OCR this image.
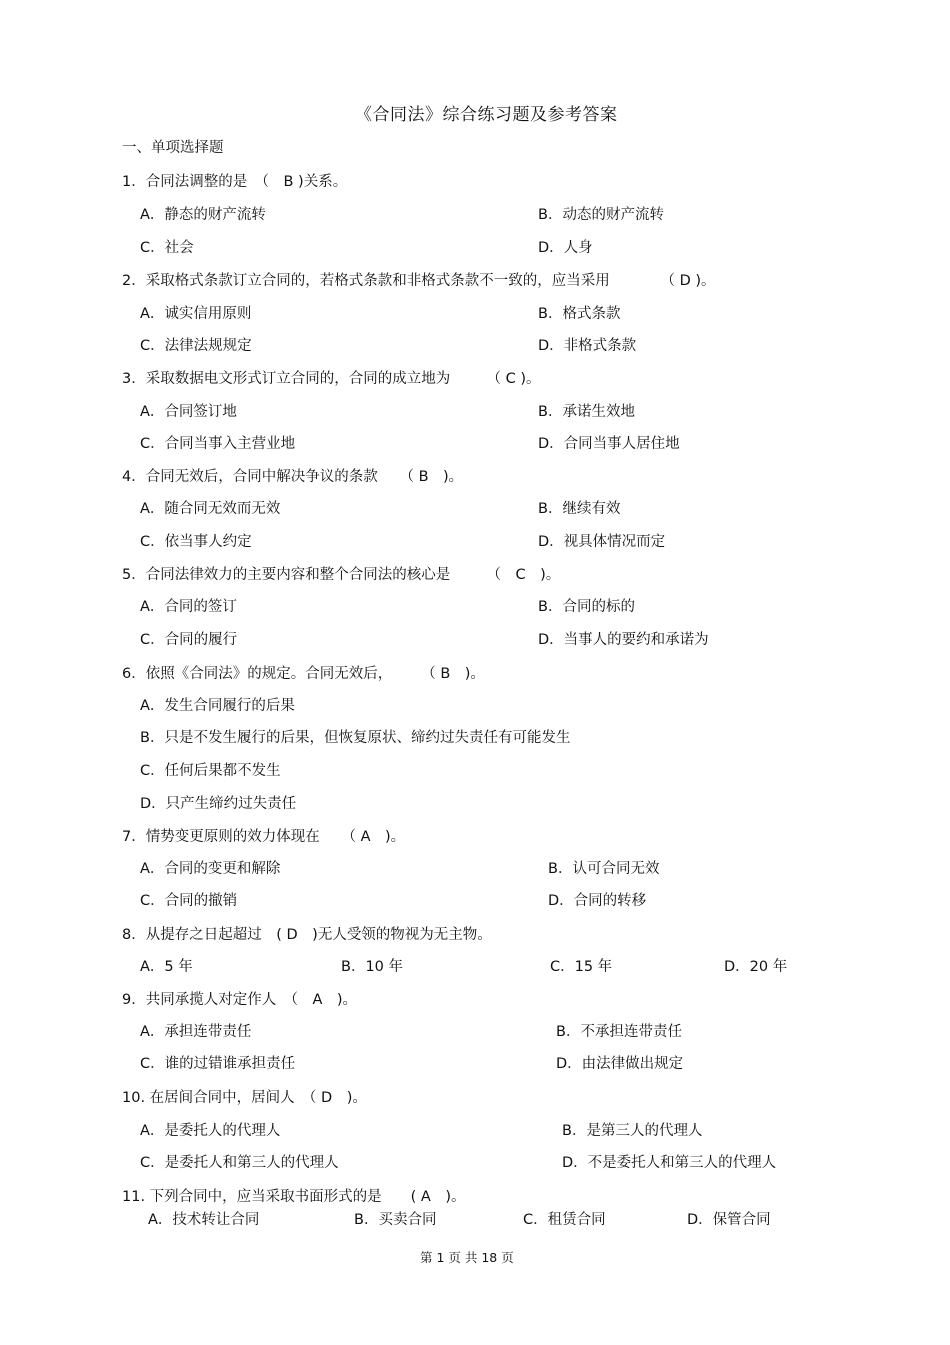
《合同法》综合练习题及参考答案
一、单项选择题
1．合同法调整的是　（　B )关系。
A．静态的财产流转	B．动态的财产流转
C．社会	D．人身
2．采取格式条款订立合同的，若格式条款和非格式条款不一致的，应当采用　　　　（ D )。
A．诚实信用原则	B．格式条款
C．法律法规规定	D．非格式条款
3．采取数据电文形式订立合同的，合同的成立地为　　　（ C )。
A．合同签订地	B．承诺生效地
C．合同当事入主营业地	D．合同当事人居住地
4．合同无效后，合同中解决争议的条款　　（ B　)。
A．随合同无效而无效	B．继续有效
C．依当事人约定	D．视具体情况而定
5．合同法律效力的主要内容和整个合同法的核心是　　　（　C　)。
A．合同的签订	B．合同的标的
C．合同的履行	D．当事人的要约和承诺为
6．依照《合同法》的规定。合同无效后，　　　（ B　)。
A．发生合同履行的后果
B．只是不发生履行的后果，但恢复原状、缔约过失责任有可能发生
C．任何后果都不发生
D．只产生缔约过失责任
7．情势变更原则的效力体现在　　（ A　)。
A．合同的变更和解除	B．认可合同无效
C．合同的撤销	D．合同的转移
8．从提存之日起超过　( D　)无人受领的物视为无主物。
A．5 年	B．10 年	C．15 年	D．20 年
9．共同承揽人对定作人　（　A　)。
A．承担连带责任	B．不承担连带责任
C．谁的过错谁承担责任	D．由法律做出规定
10. 在居间合同中，居间人　（ D　)。
A．是委托人的代理人	B．是第三人的代理人
C．是委托人和第三人的代理人	D．不是委托人和第三人的代理人
11. 下列合同中，应当采取书面形式的是　　( A　)。
A．技术转让合同	B．买卖合同	C．租赁合同	D．保管合同
第 1 页 共 18 页
